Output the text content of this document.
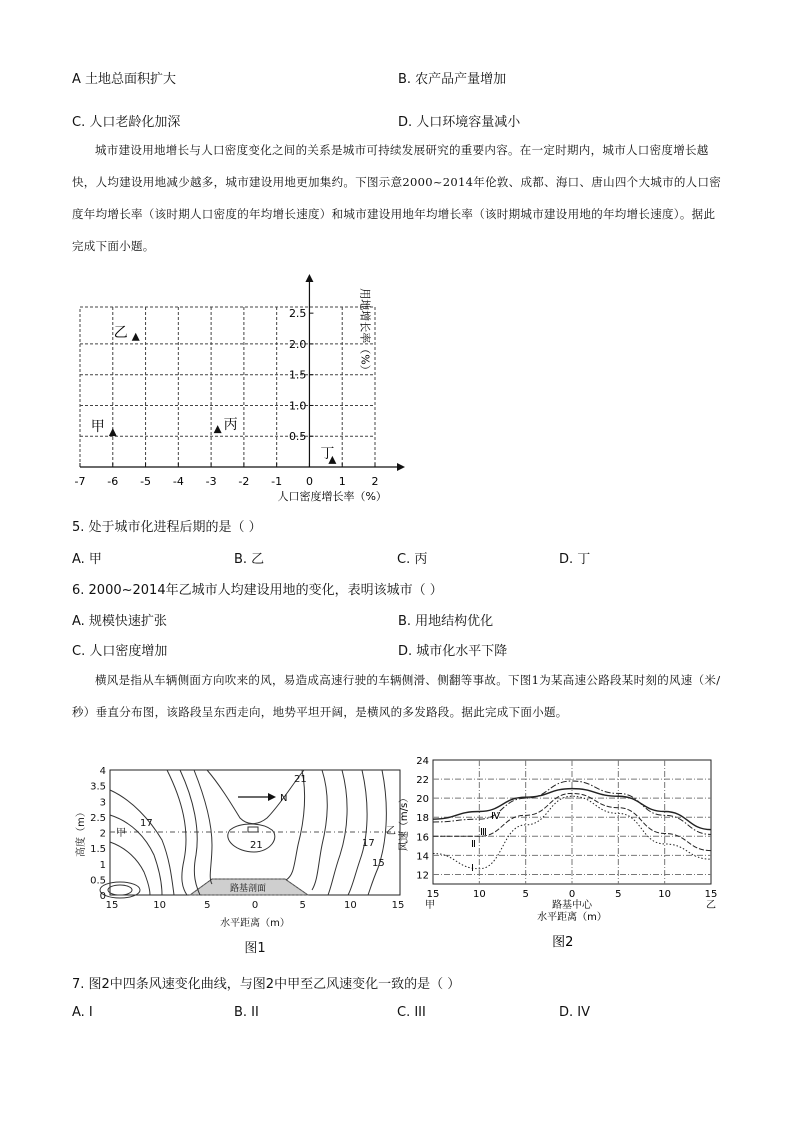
A 土地总面积扩大	B. 农产品产量增加
C. 人口老龄化加深	D. 人口环境容量减小
城市建设用地增长与人口密度变化之间的关系是城市可持续发展研究的重要内容。在一定时期内，城市人口密度增长越快，人均建设用地减少越多，城市建设用地更加集约。下图示意2000~2014年伦敦、成都、海口、唐山四个大城市的人口密度年均增长率（该时期人口密度的年均增长速度）和城市建设用地年均增长率（该时期城市建设用地的年均增长速度）。据此完成下面小题。
-7 -6 -5 -4 -3 -2 -1 0 1 2
0.5
1.0
1.5
2.0
2.5
人口密度增长率（%）
用地增长率（%）
甲
乙
丙
丁
5. 处于城市化进程后期的是（ ）
A. 甲	B. 乙	C. 丙	D. 丁
6. 2000~2014年乙城市人均建设用地的变化，表明该城市（ ）
A. 规模快速扩张	B. 用地结构优化
C. 人口密度增加	D. 城市化水平下降
横风是指从车辆侧面方向吹来的风，易造成高速行驶的车辆侧滑、侧翻等事故。下图1为某高速公路段某时刻的风速（米/秒）垂直分布图，该路段呈东西走向，地势平坦开阔，是横风的多发路段。据此完成下面小题。
N
21
17
21	17
15
乙
甲
路基剖面
0
0.5
1
1.5
2
2.5
3
3.5
4
15	10	5	0	5	10	15
高度（m）
水平距离（m）
图1
12
14
16
18
20
22
24
15	10	5	0	5	10	15
Ⅰ
Ⅱ
Ⅲ
Ⅳ
甲	乙
路基中心
水平距离（m）
风速（m/s）
图2
7. 图2中四条风速变化曲线，与图2中甲至乙风速变化一致的是（ ）
A. I	B. II	C. III	D. IV
